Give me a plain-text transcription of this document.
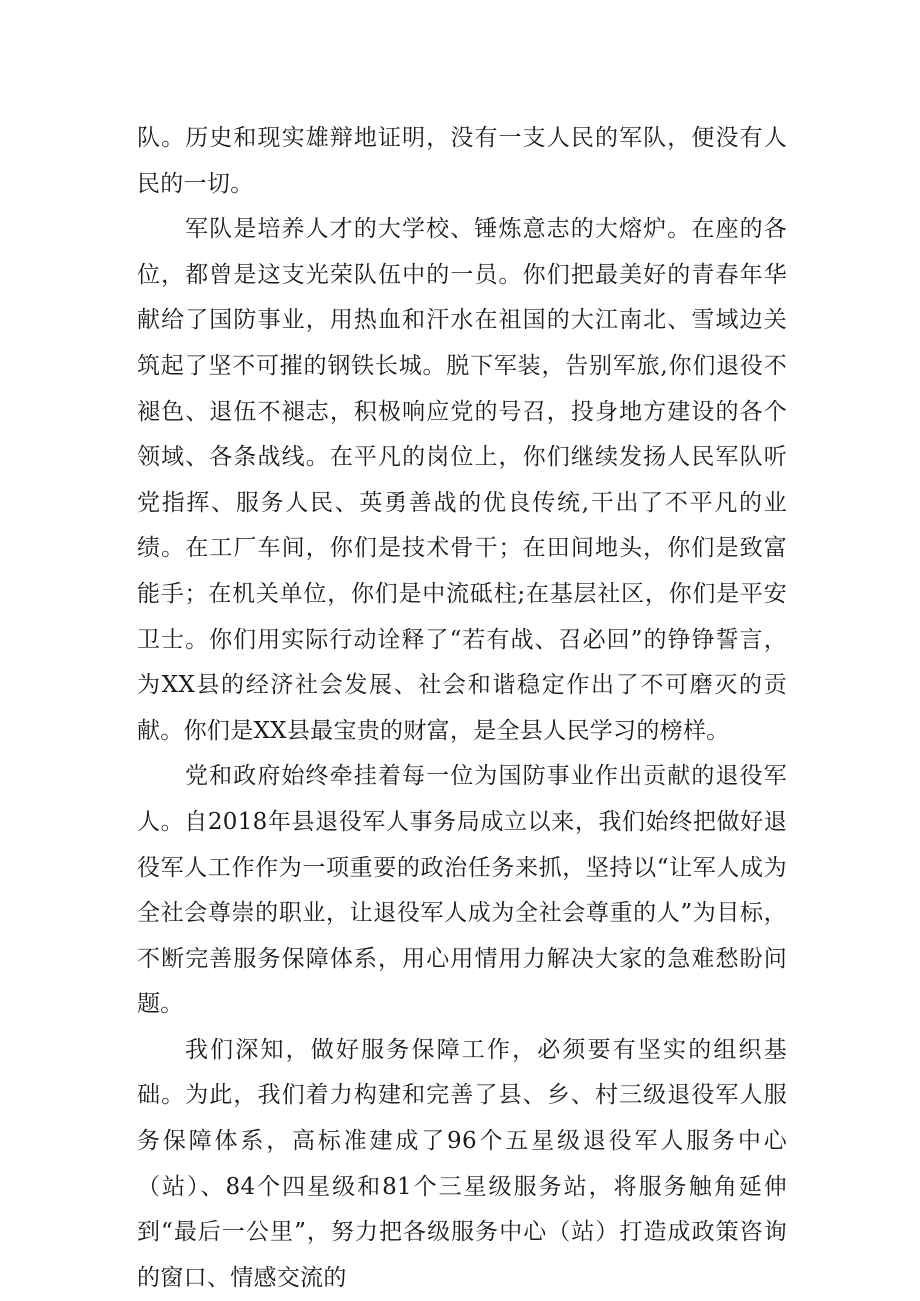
队。历史和现实雄辩地证明，没有一支人民的军队，便没有人民的一切。

军队是培养人才的大学校、锤炼意志的大熔炉。在座的各位，都曾是这支光荣队伍中的一员。你们把最美好的青春年华献给了国防事业，用热血和汗水在祖国的大江南北、雪域边关筑起了坚不可摧的钢铁长城。脱下军装，告别军旅,你们退役不褪色、退伍不褪志，积极响应党的号召，投身地方建设的各个领域、各条战线。在平凡的岗位上，你们继续发扬人民军队听党指挥、服务人民、英勇善战的优良传统,干出了不平凡的业绩。在工厂车间，你们是技术骨干；在田间地头，你们是致富能手；在机关单位，你们是中流砥柱;在基层社区，你们是平安卫士。你们用实际行动诠释了“若有战、召必回”的铮铮誓言，为XX县的经济社会发展、社会和谐稳定作出了不可磨灭的贡献。你们是XX县最宝贵的财富，是全县人民学习的榜样。

党和政府始终牵挂着每一位为国防事业作出贡献的退役军人。自2018年县退役军人事务局成立以来，我们始终把做好退役军人工作作为一项重要的政治任务来抓，坚持以“让军人成为全社会尊崇的职业，让退役军人成为全社会尊重的人”为目标，不断完善服务保障体系，用心用情用力解决大家的急难愁盼问题。

我们深知，做好服务保障工作，必须要有坚实的组织基础。为此，我们着力构建和完善了县、乡、村三级退役军人服务保障体系，高标准建成了96个五星级退役军人服务中心（站）、84个四星级和81个三星级服务站，将服务触角延伸到“最后一公里”，努力把各级服务中心（站）打造成政策咨询的窗口、情感交流的
